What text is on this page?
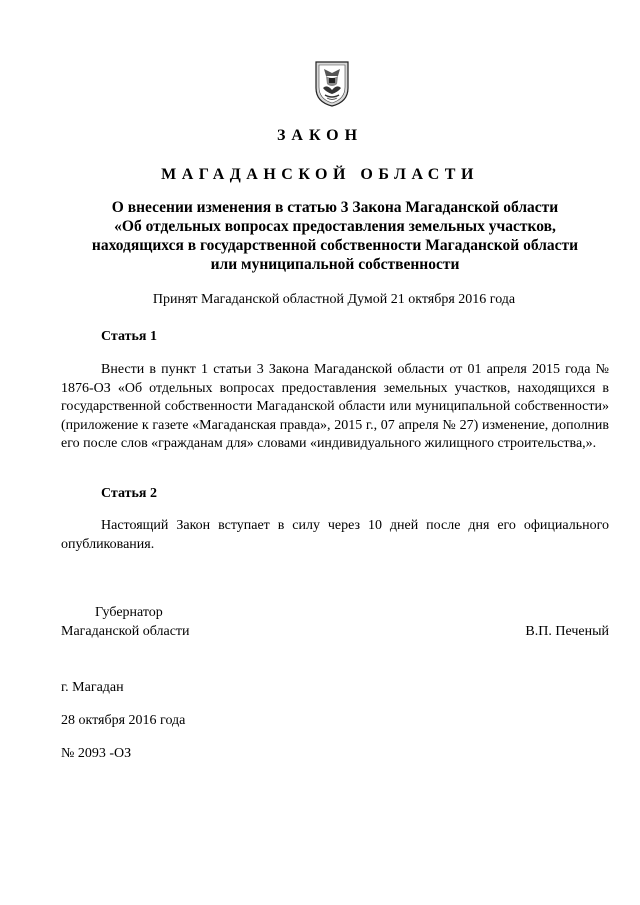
ЗАКОН
МАГАДАНСКОЙ ОБЛАСТИ
О внесении изменения в статью 3 Закона Магаданской области
«Об отдельных вопросах предоставления земельных участков,
находящихся в государственной собственности Магаданской области
или муниципальной собственности
Принят Магаданской областной Думой 21 октября 2016 года
Статья 1
Внести в пункт 1 статьи 3 Закона Магаданской области от 01 апреля 2015 года № 1876-ОЗ «Об отдельных вопросах предоставления земельных участков, находящихся в государственной собственности Магаданской области или муниципальной собственности» (приложение к газете «Магаданская правда», 2015 г., 07 апреля № 27) изменение, дополнив его после слов «гражданам для» словами «индивидуального жилищного строительства,».
Статья 2
Настоящий Закон вступает в силу через 10 дней после дня его официального опубликования.
Губернатор
Магаданской области	В.П. Печеный
г. Магадан
28 октября 2016 года
№ 2093 -ОЗ
